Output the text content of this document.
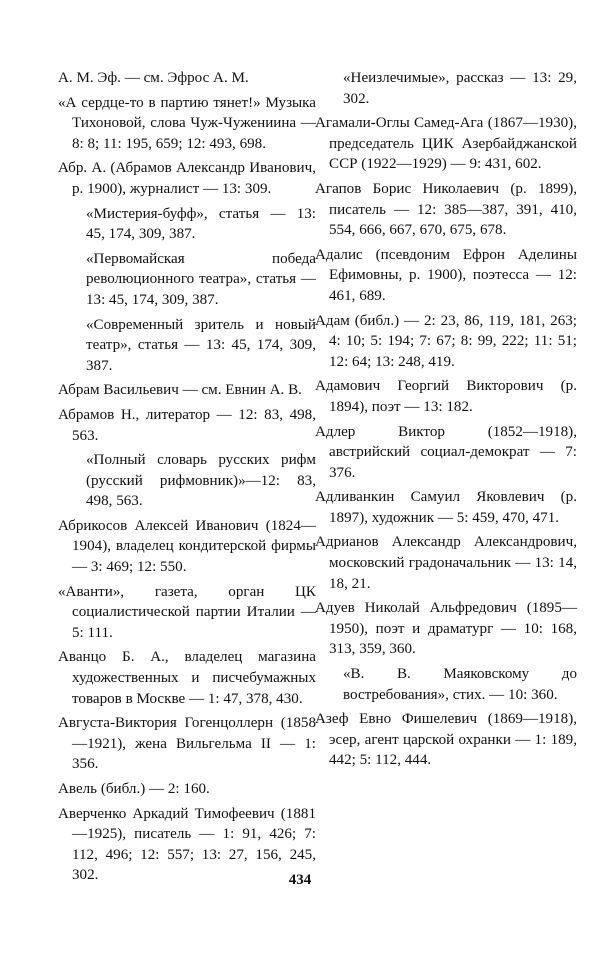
А. М. Эф. — см. Эфрос А. М.

«А сердце-то в партию тянет!» Музыка Тихоновой, слова Чуж-Чужениина — 8: 8; 11: 195, 659; 12: 493, 698.

Абр. А. (Абрамов Александр Иванович, р. 1900), журналист — 13: 309.

«Мистерия-буфф», статья — 13: 45, 174, 309, 387.

«Первомайская победа революционного театра», статья —13: 45, 174, 309, 387.

«Современный зритель и новый театр», статья — 13: 45, 174, 309, 387.

Абрам Васильевич — см. Евнин А. В.

Абрамов Н., литератор — 12: 83, 498, 563.

«Полный словарь русских рифм (русский рифмовник)»—12: 83, 498, 563.

Абрикосов Алексей Иванович (1824—1904), владелец кондитерской фирмы — 3: 469; 12: 550.

«Аванти», газета, орган ЦК социалистической партии Италии — 5: 111.

Аванцо Б. А., владелец магазина художественных и писчебумажных товаров в Москве — 1: 47, 378, 430.

Августа-Виктория Гогенцоллерн (1858—1921), жена Вильгельма II — 1: 356.

Авель (библ.) — 2: 160.

Аверченко Аркадий Тимофеевич (1881—1925), писатель — 1: 91, 426; 7: 112, 496; 12: 557; 13: 27, 156, 245, 302.

«Неизлечимые», рассказ — 13: 29, 302.

Агамали-Оглы Самед-Ага (1867—1930), председатель ЦИК Азербайджанской ССР (1922—1929) — 9: 431, 602.

Агапов Борис Николаевич (р. 1899), писатель — 12: 385—387, 391, 410, 554, 666, 667, 670, 675, 678.

Адалис (псевдоним Ефрон Аделины Ефимовны, р. 1900), поэтесса — 12: 461, 689.

Адам (библ.) — 2: 23, 86, 119, 181, 263; 4: 10; 5: 194; 7: 67; 8: 99, 222; 11: 51; 12: 64; 13: 248, 419.

Адамович Георгий Викторович (р. 1894), поэт — 13: 182.

Адлер Виктор (1852—1918), австрийский социал-демократ — 7: 376.

Адливанкин Самуил Яковлевич (р. 1897), художник — 5: 459, 470, 471.

Адрианов Александр Александрович, московский градоначальник — 13: 14, 18, 21.

Адуев Николай Альфредович (1895—1950), поэт и драматург — 10: 168, 313, 359, 360.

«В. В. Маяковскому до востребования», стих. — 10: 360.

Азеф Евно Фишелевич (1869—1918), эсер, агент царской охранки — 1: 189, 442; 5: 112, 444.

434
